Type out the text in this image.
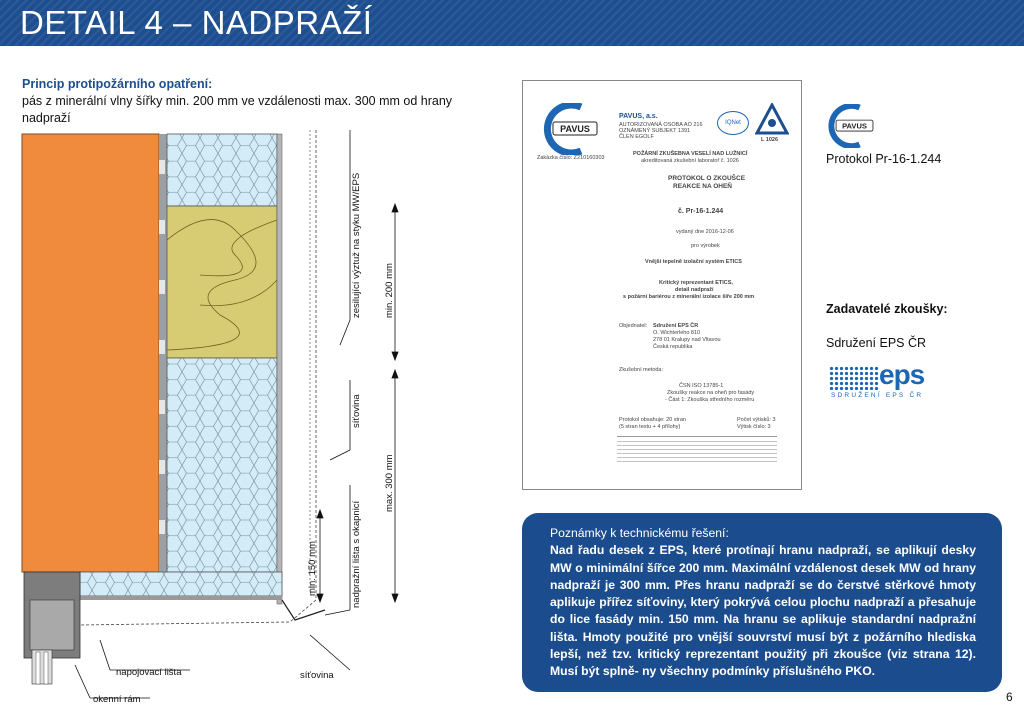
DETAIL 4 – NADPRAŽÍ
Princip protipožárního opatření:
pás z minerální vlny šířky min. 200 mm ve vzdálenosti max. 300 mm od hrany nadpraží
zesilující výztuž na styku MW/EPS min. 200 mm
síťovina
max. 300 mm
nadpražní lišta s okapnicí
min. 150 mm
napojovací lišta	síťovina
okenní rám
PAVUS
PAVUS, a.s.
AUTORIZOVANÁ OSOBA AO 216
OZNÁMENÝ SUBJEKT 1391
ČLEN EGOLF
IQNet
L 1026
Zakázka číslo: Z210160303
POŽÁRNÍ ZKUŠEBNA VESELÍ NAD LUŽNICÍ
akreditovaná zkušební laboratoř č. 1026
PROTOKOL O ZKOUŠCE
REAKCE NA OHEŇ
č. Pr-16-1.244
vydaný dne 2016-12-06
pro výrobek
Vnější tepelně izolační systém ETICS
Kritický reprezentant ETICS,
detail nadpraží
s požární bariérou z minerální izolace šíře 200 mm
Objednatel: Sdružení EPS ČR
O. Wichterleho 810
278 01 Kralupy nad Vltavou
Česká republika
Zkušební metoda:
ČSN ISO 13785-1
Zkoušky reakce na oheň pro fasády
- Část 1: Zkouška středního rozměru
Protokol obsahuje: 20 stran
(5 stran textu + 4 přílohy)
Počet výtisků: 3
Výtisk číslo: 3
PAVUS
Protokol Pr-16-1.244
Zadavatelé zkoušky:
Sdružení EPS ČR
eps
SDRUŽENÍ EPS ČR
Poznámky k technickému řešení:
Nad řadu desek z EPS, které protínají hranu nadpraží, se aplikují desky MW o minimální šířce 200 mm. Maximální vzdálenost desek MW od hrany nadpraží je 300 mm. Přes hranu nadpraží se do čerstvé stěrkové hmoty aplikuje přířez síťoviny, který pokrývá celou plochu nadpraží a přesahuje do lice fasády min. 150 mm. Na hranu se aplikuje standardní nadpražní lišta. Hmoty použité pro vnější souvrství musí být z požárního hlediska lepší, než tzv. kritický reprezentant použitý při zkoušce (viz strana 12). Musí být splně- ny všechny podmínky příslušného PKO.
6
